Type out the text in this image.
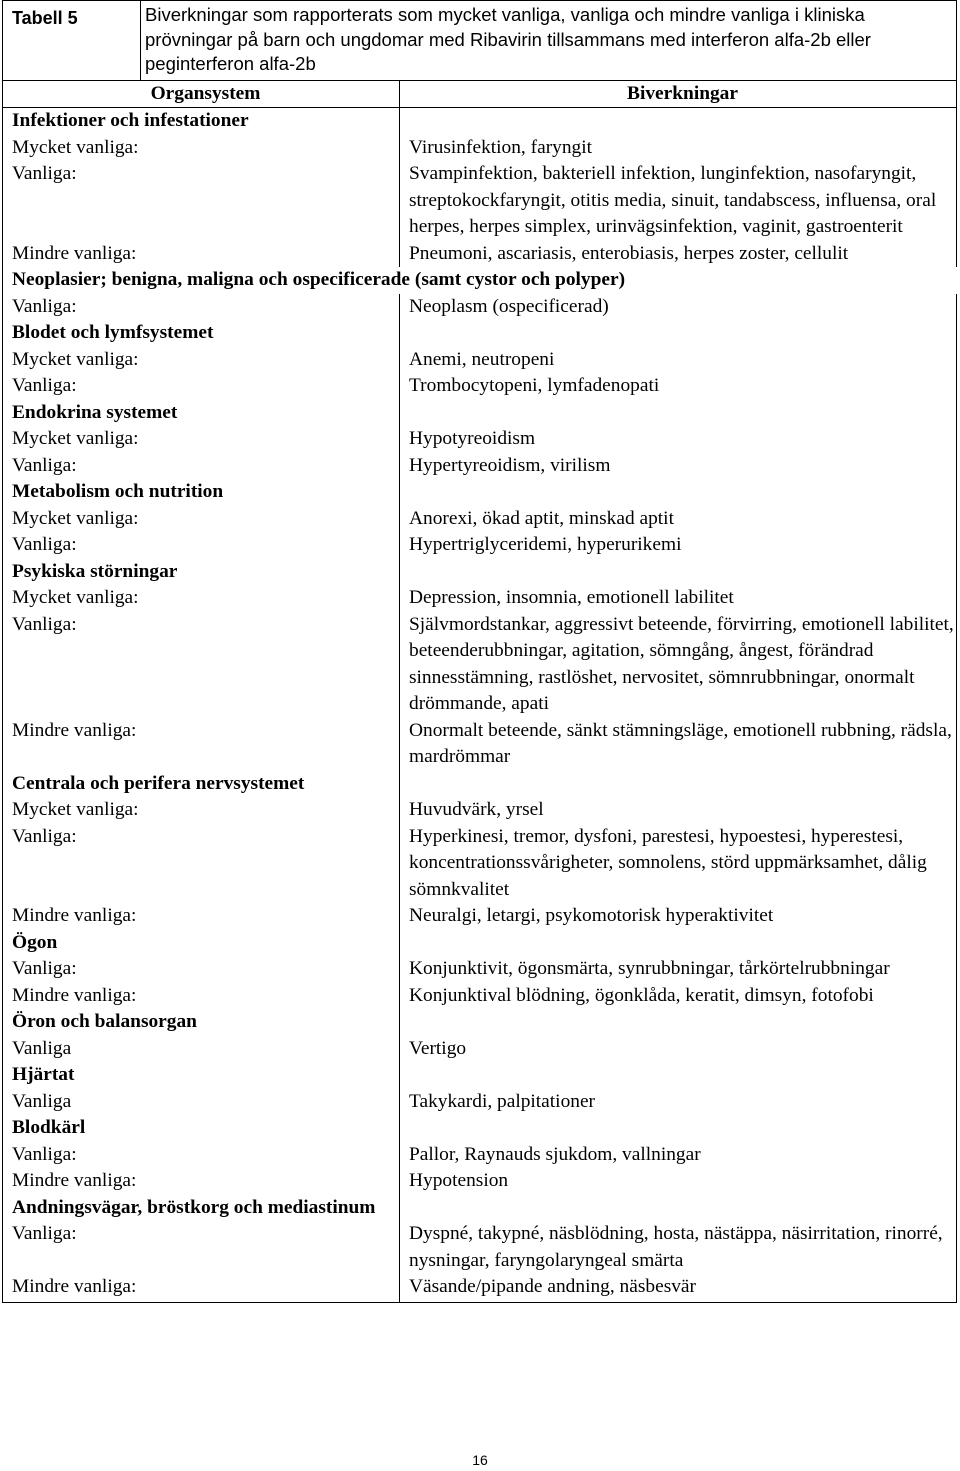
Tabell 5	Biverkningar som rapporterats som mycket vanliga, vanliga och mindre vanliga i kliniska prövningar på barn och ungdomar med Ribavirin tillsammans med interferon alfa-2b eller peginterferon alfa-2b	
Organsystem		Biverkningar
Infektioner och infestationer		
Mycket vanliga:		Virusinfektion, faryngit
Vanliga:		Svampinfektion, bakteriell infektion, lunginfektion, nasofaryngit, streptokockfaryngit, otitis media, sinuit, tandabscess, influensa, oral herpes, herpes simplex, urinvägsinfektion, vaginit, gastroenterit
Mindre vanliga:		Pneumoni, ascariasis, enterobiasis, herpes zoster, cellulit
Neoplasier; benigna, maligna och ospecificerade (samt cystor och polyper)		
Vanliga:		Neoplasm (ospecificerad)
Blodet och lymfsystemet		
Mycket vanliga:		Anemi, neutropeni
Vanliga:		Trombocytopeni, lymfadenopati
Endokrina systemet		
Mycket vanliga:		Hypotyreoidism
Vanliga:		Hypertyreoidism, virilism
Metabolism och nutrition		
Mycket vanliga:		Anorexi, ökad aptit, minskad aptit
Vanliga:		Hypertriglyceridemi, hyperurikemi
Psykiska störningar		
Mycket vanliga:		Depression, insomnia, emotionell labilitet
Vanliga:		Självmordstankar, aggressivt beteende, förvirring, emotionell labilitet, beteenderubbningar, agitation, sömngång, ångest, förändrad sinnesstämning, rastlöshet, nervositet, sömnrubbningar, onormalt drömmande, apati
Mindre vanliga:		Onormalt beteende, sänkt stämningsläge, emotionell rubbning, rädsla, mardrömmar
Centrala och perifera nervsystemet		
Mycket vanliga:		Huvudvärk, yrsel
Vanliga:		Hyperkinesi, tremor, dysfoni, parestesi, hypoestesi, hyperestesi, koncentrationssvårigheter, somnolens, störd uppmärksamhet, dålig sömnkvalitet
Mindre vanliga:		Neuralgi, letargi, psykomotorisk hyperaktivitet
Ögon		
Vanliga:		Konjunktivit, ögonsmärta, synrubbningar, tårkörtelrubbningar
Mindre vanliga:		Konjunktival blödning, ögonklåda, keratit, dimsyn, fotofobi
Öron och balansorgan		
Vanliga		Vertigo
Hjärtat		
Vanliga		Takykardi, palpitationer
Blodkärl		
Vanliga:		Pallor, Raynauds sjukdom, vallningar
Mindre vanliga:		Hypotension
Andningsvägar, bröstkorg och mediastinum		
Vanliga:		Dyspné, takypné, näsblödning, hosta, nästäppa, näsirritation, rinorré, nysningar, faryngolaryngeal smärta
Mindre vanliga:		Väsande/pipande andning, näsbesvär
16
